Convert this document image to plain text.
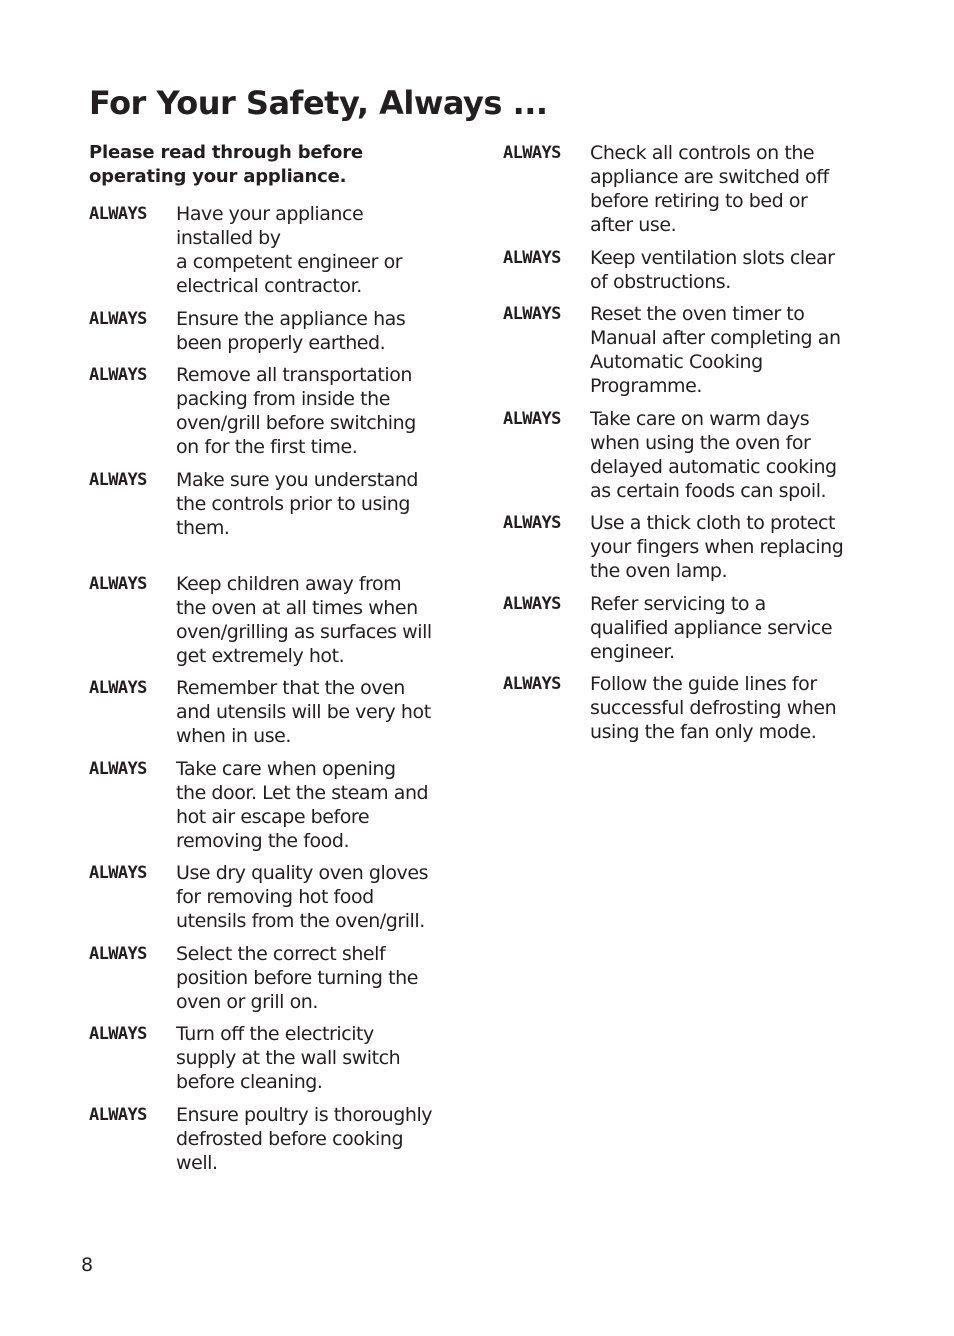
For Your Safety, Always ...

Please read through before
operating your appliance.

ALWAYS	Have your appliance
installed by
a competent engineer or
electrical contractor.
ALWAYS	Ensure the appliance has
been properly earthed.
ALWAYS	Remove all transportation
packing from inside the
oven/grill before switching
on for the first time.
ALWAYS	Make sure you understand
the controls prior to using
them.
ALWAYS	Keep children away from
the oven at all times when
oven/grilling as surfaces will
get extremely hot.
ALWAYS	Remember that the oven
and utensils will be very hot
when in use.
ALWAYS	Take care when opening
the door. Let the steam and
hot air escape before
removing the food.
ALWAYS	Use dry quality oven gloves
for removing hot food
utensils from the oven/grill.
ALWAYS	Select the correct shelf
position before turning the
oven or grill on.
ALWAYS	Turn off the electricity
supply at the wall switch
before cleaning.
ALWAYS	Ensure poultry is thoroughly
defrosted before cooking
well.
ALWAYS	Check all controls on the
appliance are switched off
before retiring to bed or
after use.
ALWAYS	Keep ventilation slots clear
of obstructions.
ALWAYS	Reset the oven timer to
Manual after completing an
Automatic Cooking
Programme.
ALWAYS	Take care on warm days
when using the oven for
delayed automatic cooking
as certain foods can spoil.
ALWAYS	Use a thick cloth to protect
your fingers when replacing
the oven lamp.
ALWAYS	Refer servicing to a
qualified appliance service
engineer.
ALWAYS	Follow the guide lines for
successful defrosting when
using the fan only mode.
8
